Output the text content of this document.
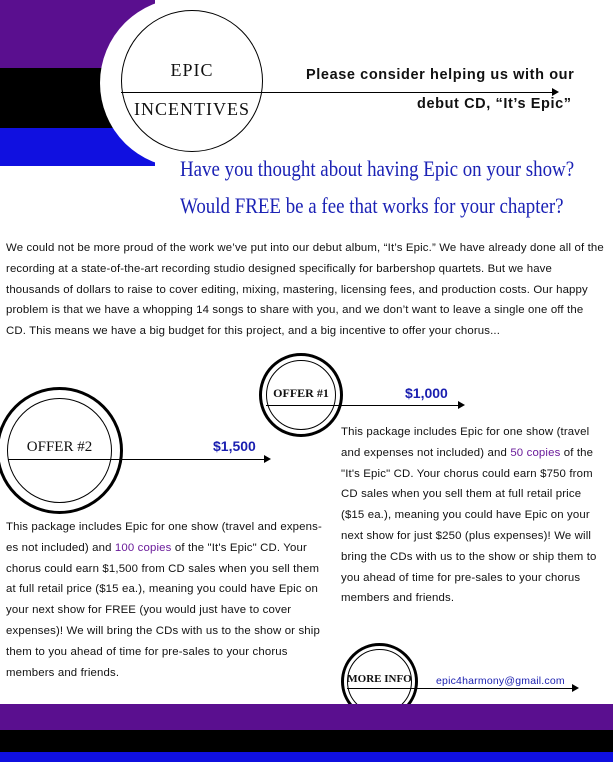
EPIC
INCENTIVES
Please consider helping us with our
debut CD, “It’s Epic”
Have you thought about having Epic on your show?
Would FREE be a fee that works for your chapter?
We could not be more proud of the work we’ve put into our debut album, “It’s Epic.” We have already done all of the recording at a state-of-the-art recording studio designed specifically for barbershop quartets. But we have thousands of dollars to raise to cover editing, mixing, mastering, licensing fees, and production costs. Our happy problem is that we have a whopping 14 songs to share with you, and we don’t want to leave a single one off the CD. This means we have a big budget for this project, and a big incentive to offer your chorus...
OFFER #1	$1,000
This package includes Epic for one show (travel and expenses not included) and 50 copies of the "It's Epic" CD. Your chorus could earn $750 from CD sales when you sell them at full retail price ($15 ea.), meaning you could have Epic on your next show for just $250 (plus expenses)! We will bring the CDs with us to the show or ship them to you ahead of time for pre-sales to your chorus members and friends.
OFFER #2	$1,500
This package includes Epic for one show (travel and expens-es not included) and 100 copies of the "It's Epic" CD. Your chorus could earn $1,500 from CD sales when you sell them at full retail price ($15 ea.), meaning you could have Epic on your next show for FREE (you would just have to cover expenses)! We will bring the CDs with us to the show or ship them to you ahead of time for pre-sales to your chorus members and friends.
MORE INFO epic4harmony@gmail.com
